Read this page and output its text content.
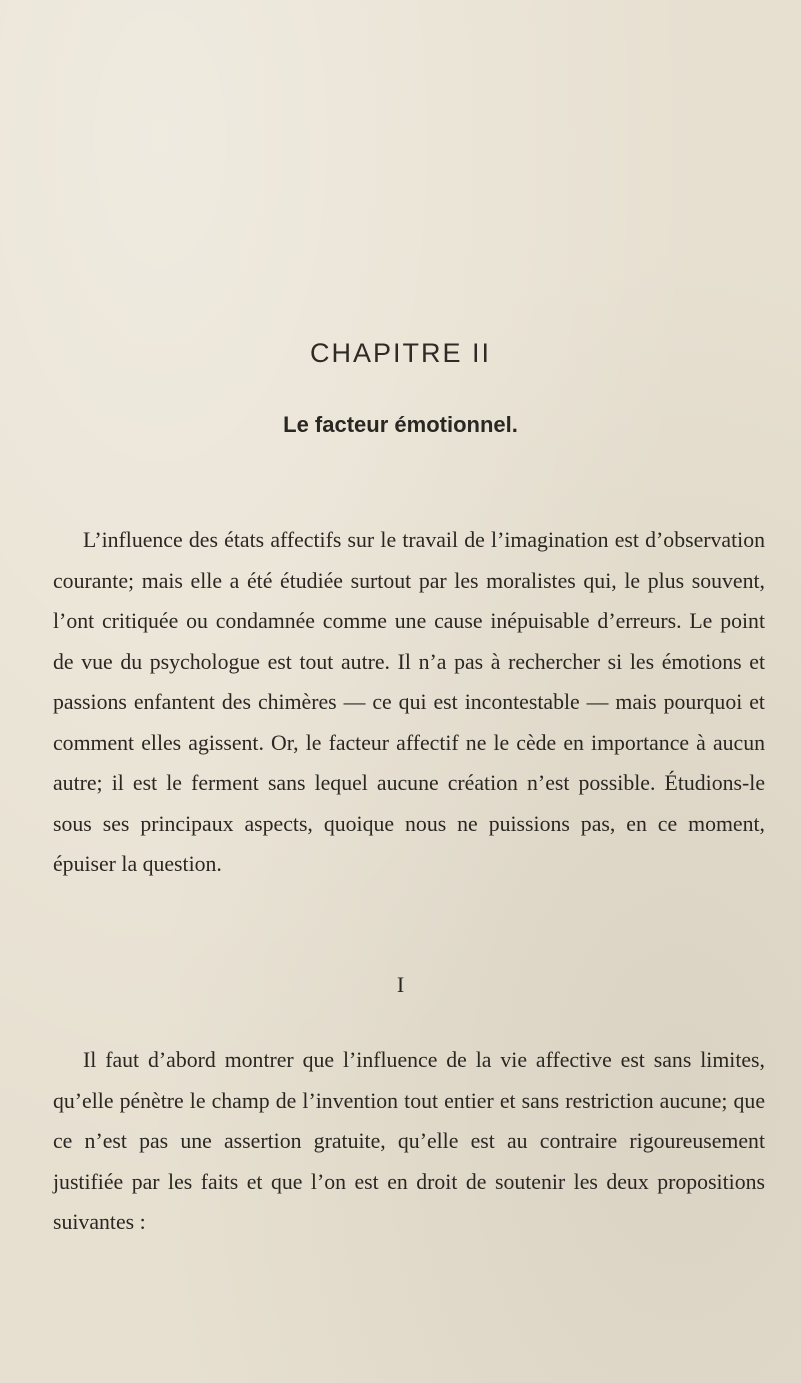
CHAPITRE II
Le facteur émotionnel.

L’influence des états affectifs sur le travail de l’imagination est d’observation courante; mais elle a été étudiée surtout par les moralistes qui, le plus souvent, l’ont critiquée ou condamnée comme une cause inépuisable d’erreurs. Le point de vue du psychologue est tout autre. Il n’a pas à rechercher si les émotions et passions enfantent des chimères — ce qui est incontestable — mais pourquoi et comment elles agissent. Or, le facteur affectif ne le cède en importance à aucun autre; il est le ferment sans lequel aucune création n’est possible. Étudions-le sous ses principaux aspects, quoique nous ne puissions pas, en ce moment, épuiser la question.

I

Il faut d’abord montrer que l’influence de la vie affective est sans limites, qu’elle pénètre le champ de l’invention tout entier et sans restriction aucune; que ce n’est pas une assertion gratuite, qu’elle est au contraire rigoureusement justifiée par les faits et que l’on est en droit de soutenir les deux propositions suivantes :
